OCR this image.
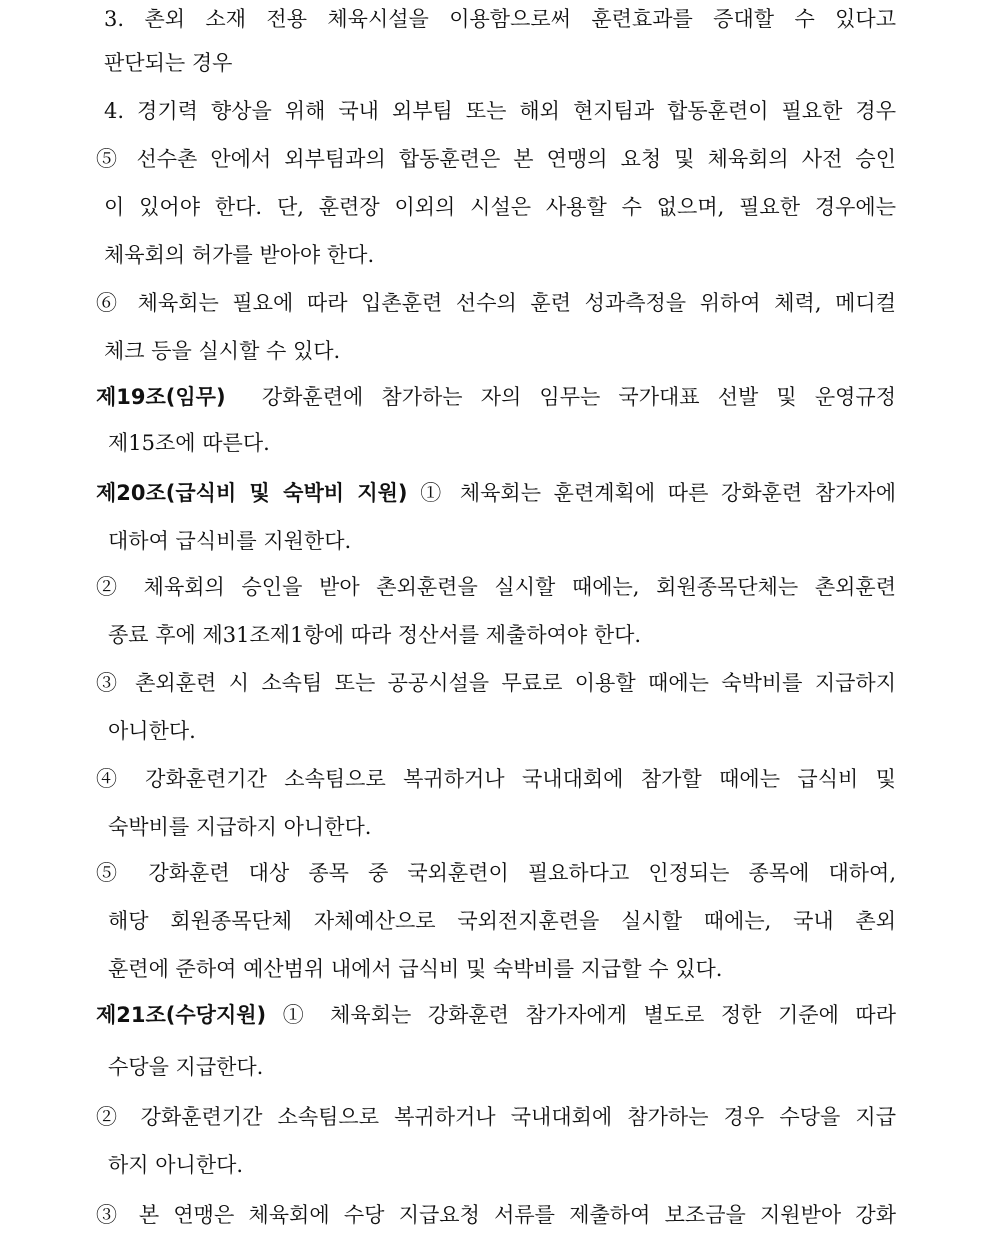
3. 촌외 소재 전용 체육시설을 이용함으로써 훈련효과를 증대할 수 있다고
판단되는 경우
4. 경기력 향상을 위해 국내 외부팀 또는 해외 현지팀과 합동훈련이 필요한 경우
⑤ 선수촌 안에서 외부팀과의 합동훈련은 본 연맹의 요청 및 체육회의 사전 승인
이 있어야 한다. 단, 훈련장 이외의 시설은 사용할 수 없으며, 필요한 경우에는
체육회의 허가를 받아야 한다.
⑥ 체육회는 필요에 따라 입촌훈련 선수의 훈련 성과측정을 위하여 체력, 메디컬
체크 등을 실시할 수 있다.
제19조(임무) 강화훈련에 참가하는 자의 임무는 국가대표 선발 및 운영규정
제15조에 따른다.
제20조(급식비 및 숙박비 지원) ① 체육회는 훈련계획에 따른 강화훈련 참가자에
대하여 급식비를 지원한다.
② 체육회의 승인을 받아 촌외훈련을 실시할 때에는, 회원종목단체는 촌외훈련
종료 후에 제31조제1항에 따라 정산서를 제출하여야 한다.
③ 촌외훈련 시 소속팀 또는 공공시설을 무료로 이용할 때에는 숙박비를 지급하지
아니한다.
④ 강화훈련기간 소속팀으로 복귀하거나 국내대회에 참가할 때에는 급식비 및
숙박비를 지급하지 아니한다.
⑤ 강화훈련 대상 종목 중 국외훈련이 필요하다고 인정되는 종목에 대하여,
해당 회원종목단체 자체예산으로 국외전지훈련을 실시할 때에는, 국내 촌외
훈련에 준하여 예산범위 내에서 급식비 및 숙박비를 지급할 수 있다.
제21조(수당지원) ① 체육회는 강화훈련 참가자에게 별도로 정한 기준에 따라
수당을 지급한다.
② 강화훈련기간 소속팀으로 복귀하거나 국내대회에 참가하는 경우 수당을 지급
하지 아니한다.
③ 본 연맹은 체육회에 수당 지급요청 서류를 제출하여 보조금을 지원받아 강화
